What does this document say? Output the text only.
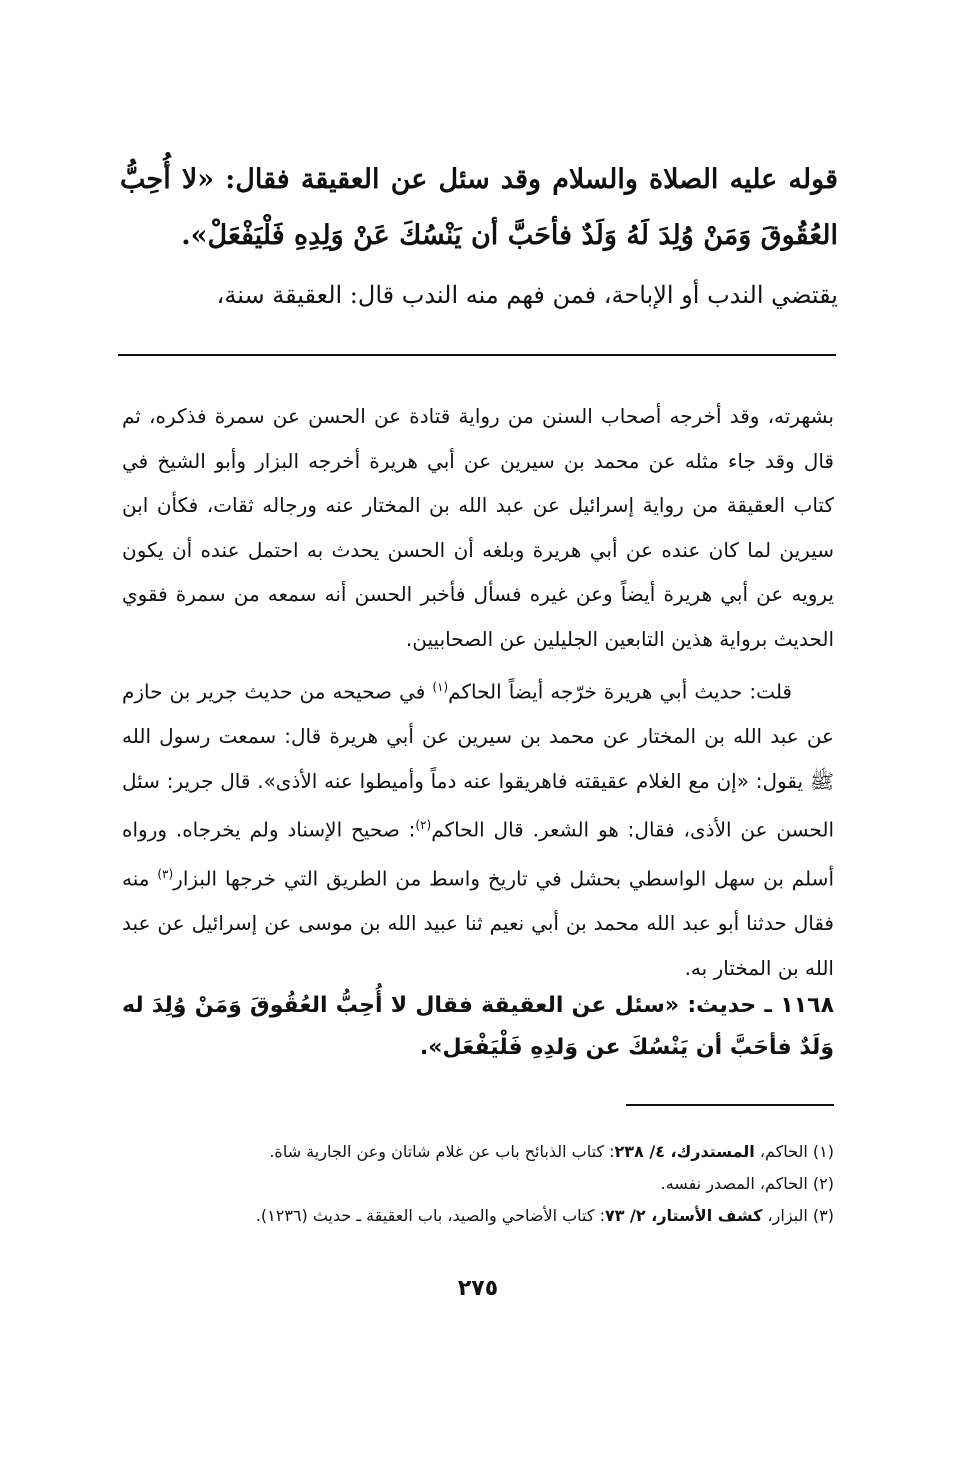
قوله عليه الصلاة والسلام وقد سئل عن العقيقة فقال: «لا أُحِبُّ العُقُوقَ وَمَنْ وُلِدَ لَهُ وَلَدٌ فأحَبَّ أن يَنْسُكَ عَنْ وَلِدِهِ فَلْيَفْعَلْ».
يقتضي الندب أو الإباحة، فمن فهم منه الندب قال: العقيقة سنة،
بشهرته، وقد أخرجه أصحاب السنن من رواية قتادة عن الحسن عن سمرة فذكره، ثم قال وقد جاء مثله عن محمد بن سيرين عن أبي هريرة أخرجه البزار وأبو الشيخ في كتاب العقيقة من رواية إسرائيل عن عبد الله بن المختار عنه ورجاله ثقات، فكأن ابن سيرين لما كان عنده عن أبي هريرة وبلغه أن الحسن يحدث به احتمل عنده أن يكون يرويه عن أبي هريرة أيضاً وعن غيره فسأل فأخبر الحسن أنه سمعه من سمرة فقوي الحديث برواية هذين التابعين الجليلين عن الصحابيين.
قلت: حديث أبي هريرة خرّجه أيضاً الحاكم$^{(١)}$ في صحيحه من حديث جرير بن حازم عن عبد الله بن المختار عن محمد بن سيرين عن أبي هريرة قال: سمعت رسول الله ﷺ يقول: «إن مع الغلام عقيقته فاهريقوا عنه دماً وأميطوا عنه الأذى». قال جرير: سئل الحسن عن الأذى، فقال: هو الشعر. قال الحاكم$^{(٢)}$: صحيح الإسناد ولم يخرجاه. ورواه أسلم بن سهل الواسطي بحشل في تاريخ واسط من الطريق التي خرجها البزار$^{(٣)}$ منه فقال حدثنا أبو عبد الله محمد بن أبي نعيم ثنا عبيد الله بن موسى عن إسرائيل عن عبد الله بن المختار به.
١١٦٨ ـ حديث: «سئل عن العقيقة فقال لا أُحِبُّ العُقُوقَ وَمَنْ وُلِدَ له وَلَدٌ فأحَبَّ أن يَنْسُكَ عن وَلدِهِ فَلْيَفْعَل».
(١) الحاكم، المستدرك، ٤/ ٢٣٨: كتاب الذبائح باب عن غلام شاتان وعن الجارية شاة.
(٢) الحاكم، المصدر نفسه.
(٣) البزار، كشف الأستار، ٢/ ٧٣: كتاب الأضاحي والصيد، باب العقيقة ـ حديث (١٢٣٦).
٢٧٥
